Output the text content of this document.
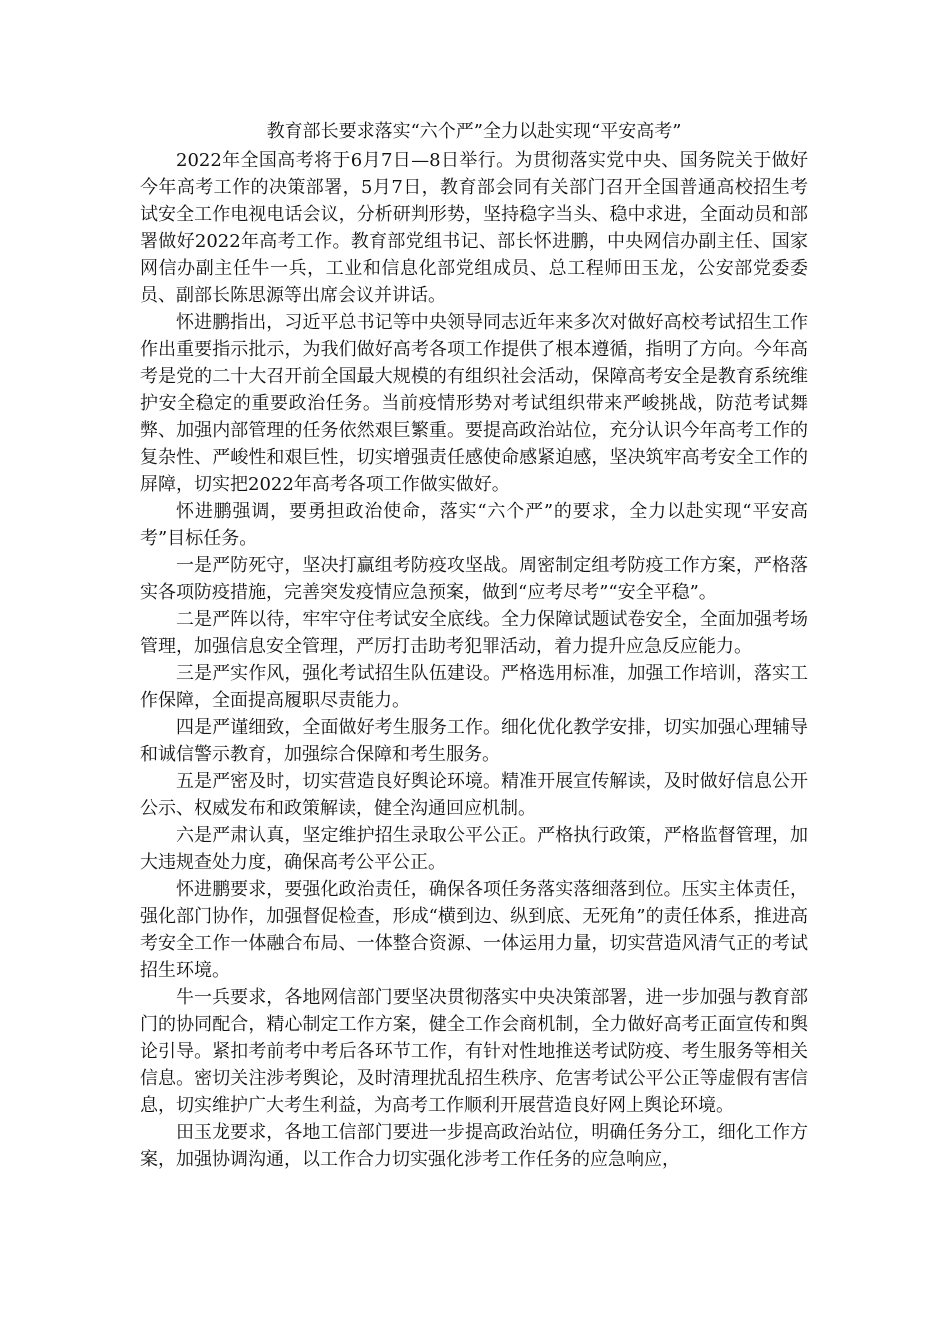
教育部长要求落实“六个严”全力以赴实现“平安高考”

2022年全国高考将于6月7日—8日举行。为贯彻落实党中央、国务院关于做好今年高考工作的决策部署，5月7日，教育部会同有关部门召开全国普通高校招生考试安全工作电视电话会议，分析研判形势，坚持稳字当头、稳中求进，全面动员和部署做好2022年高考工作。教育部党组书记、部长怀进鹏，中央网信办副主任、国家网信办副主任牛一兵，工业和信息化部党组成员、总工程师田玉龙，公安部党委委员、副部长陈思源等出席会议并讲话。

怀进鹏指出，习近平总书记等中央领导同志近年来多次对做好高校考试招生工作作出重要指示批示，为我们做好高考各项工作提供了根本遵循，指明了方向。今年高考是党的二十大召开前全国最大规模的有组织社会活动，保障高考安全是教育系统维护安全稳定的重要政治任务。当前疫情形势对考试组织带来严峻挑战，防范考试舞弊、加强内部管理的任务依然艰巨繁重。要提高政治站位，充分认识今年高考工作的复杂性、严峻性和艰巨性，切实增强责任感使命感紧迫感，坚决筑牢高考安全工作的屏障，切实把2022年高考各项工作做实做好。

怀进鹏强调，要勇担政治使命，落实“六个严”的要求，全力以赴实现“平安高考”目标任务。

一是严防死守，坚决打赢组考防疫攻坚战。周密制定组考防疫工作方案，严格落实各项防疫措施，完善突发疫情应急预案，做到“应考尽考”“安全平稳”。

二是严阵以待，牢牢守住考试安全底线。全力保障试题试卷安全，全面加强考场管理，加强信息安全管理，严厉打击助考犯罪活动，着力提升应急反应能力。

三是严实作风，强化考试招生队伍建设。严格选用标准，加强工作培训，落实工作保障，全面提高履职尽责能力。

四是严谨细致，全面做好考生服务工作。细化优化教学安排，切实加强心理辅导和诚信警示教育，加强综合保障和考生服务。

五是严密及时，切实营造良好舆论环境。精准开展宣传解读，及时做好信息公开公示、权威发布和政策解读，健全沟通回应机制。

六是严肃认真，坚定维护招生录取公平公正。严格执行政策，严格监督管理，加大违规查处力度，确保高考公平公正。

怀进鹏要求，要强化政治责任，确保各项任务落实落细落到位。压实主体责任，强化部门协作，加强督促检查，形成“横到边、纵到底、无死角”的责任体系，推进高考安全工作一体融合布局、一体整合资源、一体运用力量，切实营造风清气正的考试招生环境。

牛一兵要求，各地网信部门要坚决贯彻落实中央决策部署，进一步加强与教育部门的协同配合，精心制定工作方案，健全工作会商机制，全力做好高考正面宣传和舆论引导。紧扣考前考中考后各环节工作，有针对性地推送考试防疫、考生服务等相关信息。密切关注涉考舆论，及时清理扰乱招生秩序、危害考试公平公正等虚假有害信息，切实维护广大考生利益，为高考工作顺利开展营造良好网上舆论环境。

田玉龙要求，各地工信部门要进一步提高政治站位，明确任务分工，细化工作方案，加强协调沟通，以工作合力切实强化涉考工作任务的应急响应，
